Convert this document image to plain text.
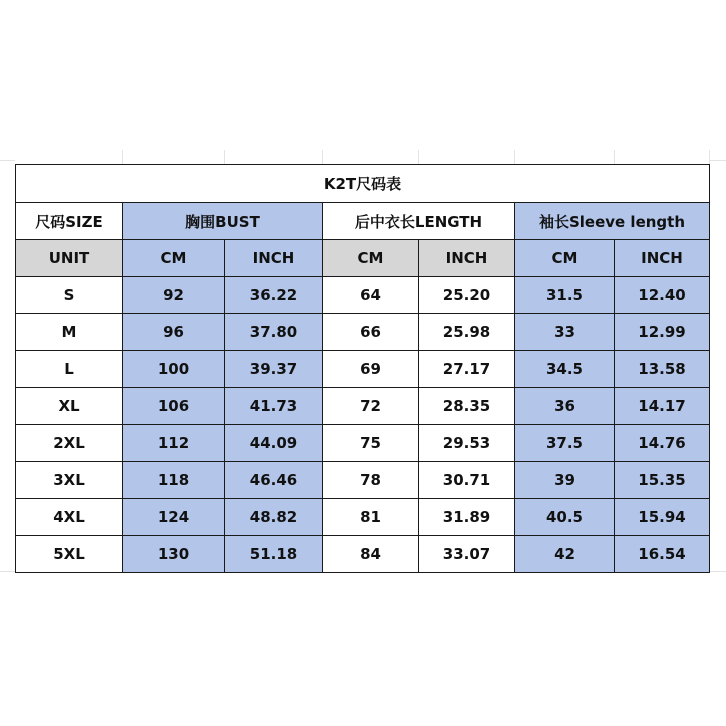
K2T尺码表						
尺码SIZE	胸围BUST		后中衣长LENGTH		袖长Sleeve length	
UNIT	CM	INCH	CM	INCH	CM	INCH
S	92	36.22	64	25.20	31.5	12.40
M	96	37.80	66	25.98	33	12.99
L	100	39.37	69	27.17	34.5	13.58
XL	106	41.73	72	28.35	36	14.17
2XL	112	44.09	75	29.53	37.5	14.76
3XL	118	46.46	78	30.71	39	15.35
4XL	124	48.82	81	31.89	40.5	15.94
5XL	130	51.18	84	33.07	42	16.54
